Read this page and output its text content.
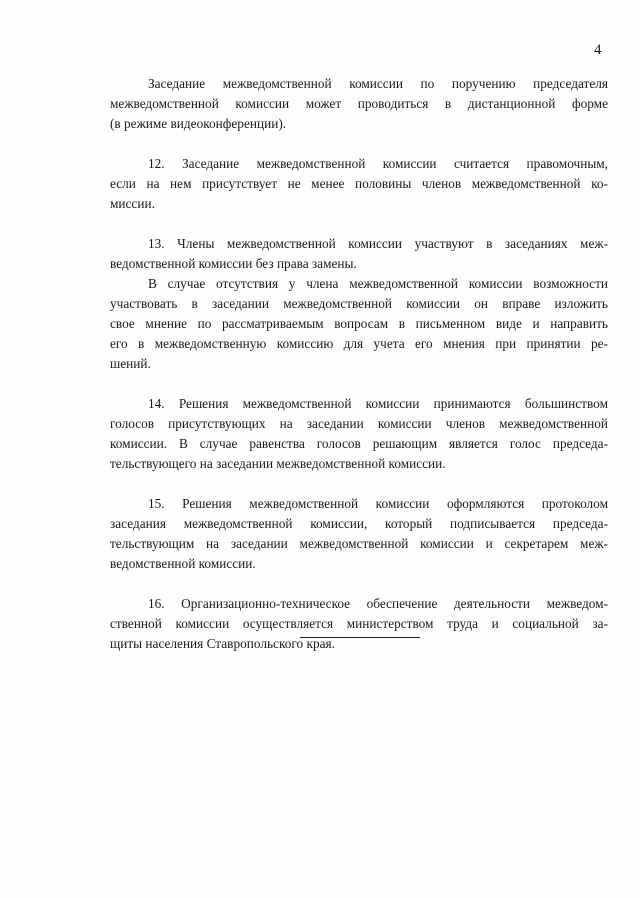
4
Заседание межведомственной комиссии по поручению председателя
межведомственной комиссии может проводиться в дистанционной форме
(в режиме видеоконференции).
12. Заседание межведомственной комиссии считается правомочным,
если на нем присутствует не менее половины членов межведомственной ко-
миссии.
13. Члены межведомственной комиссии участвуют в заседаниях меж-
ведомственной комиссии без права замены.
В случае отсутствия у члена межведомственной комиссии возможности
участвовать в заседании межведомственной комиссии он вправе изложить
свое мнение по рассматриваемым вопросам в письменном виде и направить
его в межведомственную комиссию для учета его мнения при принятии ре-
шений.
14. Решения межведомственной комиссии принимаются большинством
голосов присутствующих на заседании комиссии членов межведомственной
комиссии. В случае равенства голосов решающим является голос председа-
тельствующего на заседании межведомственной комиссии.
15. Решения межведомственной комиссии оформляются протоколом
заседания межведомственной комиссии, который подписывается председа-
тельствующим на заседании межведомственной комиссии и секретарем меж-
ведомственной комиссии.
16. Организационно-техническое обеспечение деятельности межведом-
ственной комиссии осуществляется министерством труда и социальной за-
щиты населения Ставропольского края.
